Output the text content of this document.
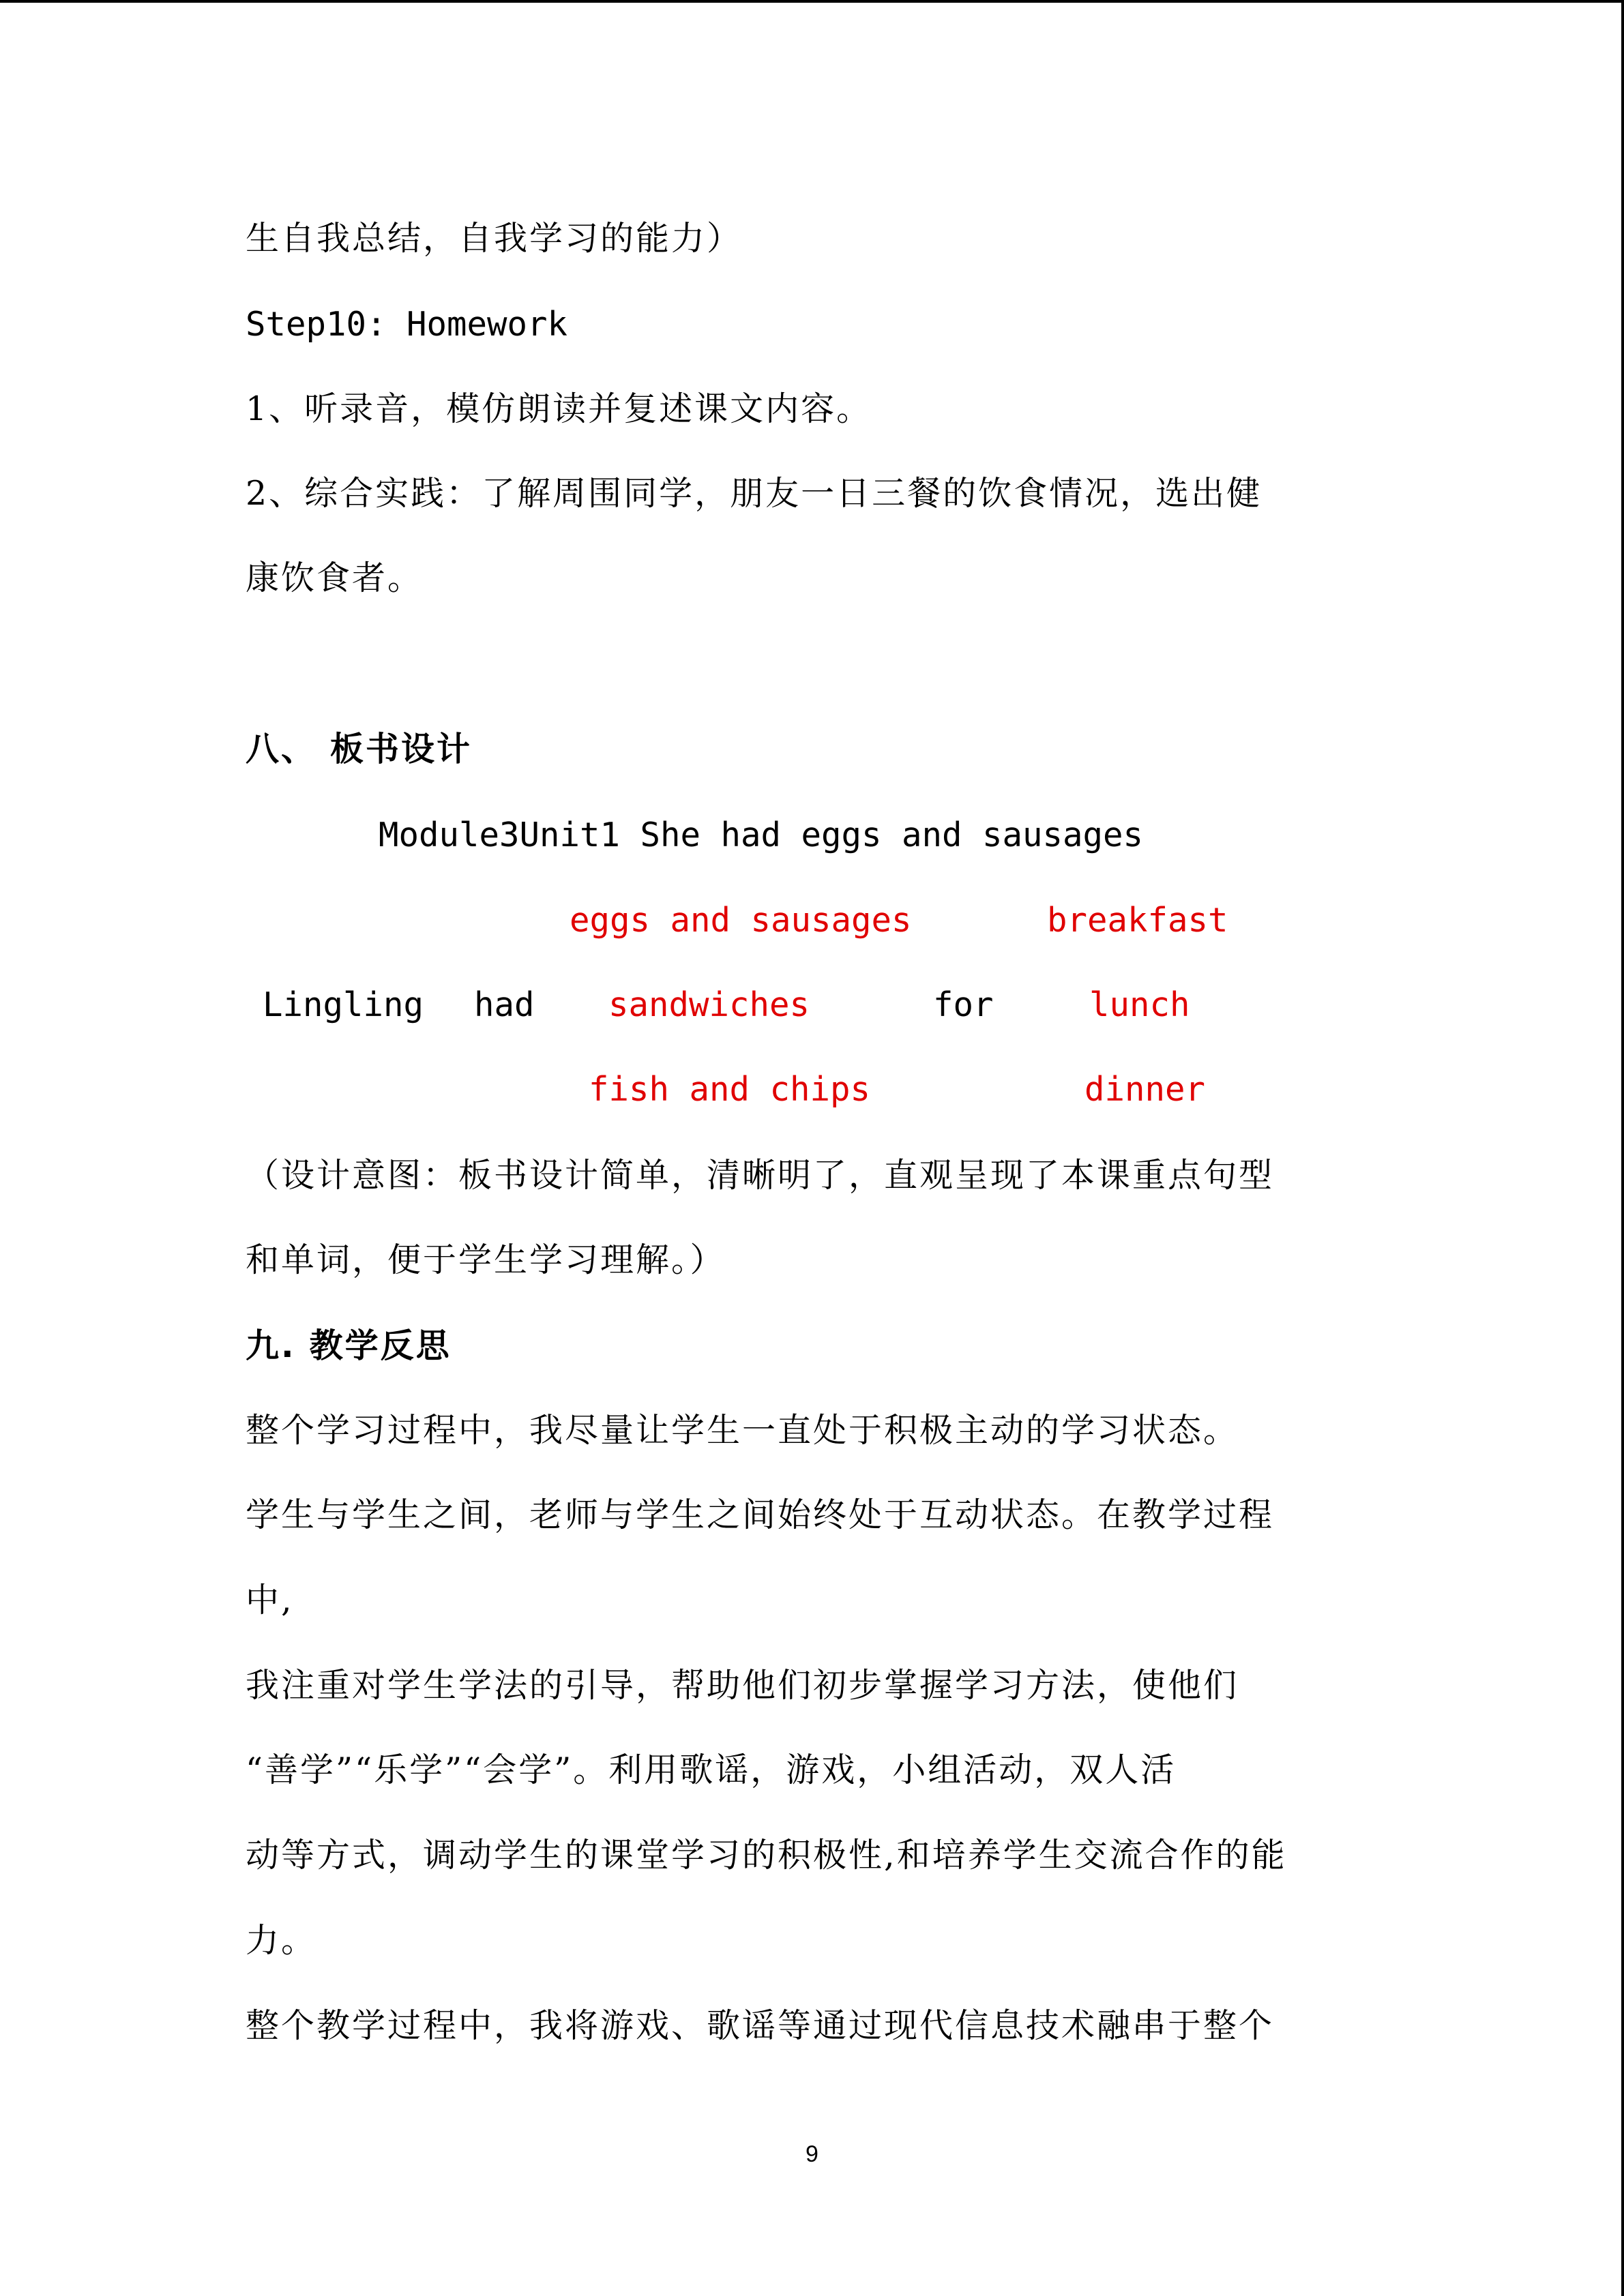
生自我总结，自我学习的能力）
Step10: Homework
1、听录音，模仿朗读并复述课文内容。
2、综合实践：了解周围同学，朋友一日三餐的饮食情况，选出健
康饮食者。
八、 板书设计
Module3Unit1 She had eggs and sausages
eggs and sausages	breakfast
Lingling had sandwiches	for	lunch
fish and chips	dinner
（设计意图：板书设计简单，清晰明了，直观呈现了本课重点句型
和单词，便于学生学习理解。）
九. 教学反思
整个学习过程中，我尽量让学生一直处于积极主动的学习状态。
学生与学生之间，老师与学生之间始终处于互动状态。在教学过程
中,
我注重对学生学法的引导，帮助他们初步掌握学习方法，使他们
“善学”“乐学”“会学”。利用歌谣，游戏，小组活动，双人活
动等方式，调动学生的课堂学习的积极性,和培养学生交流合作的能
力。
整个教学过程中，我将游戏、歌谣等通过现代信息技术融串于整个
9
